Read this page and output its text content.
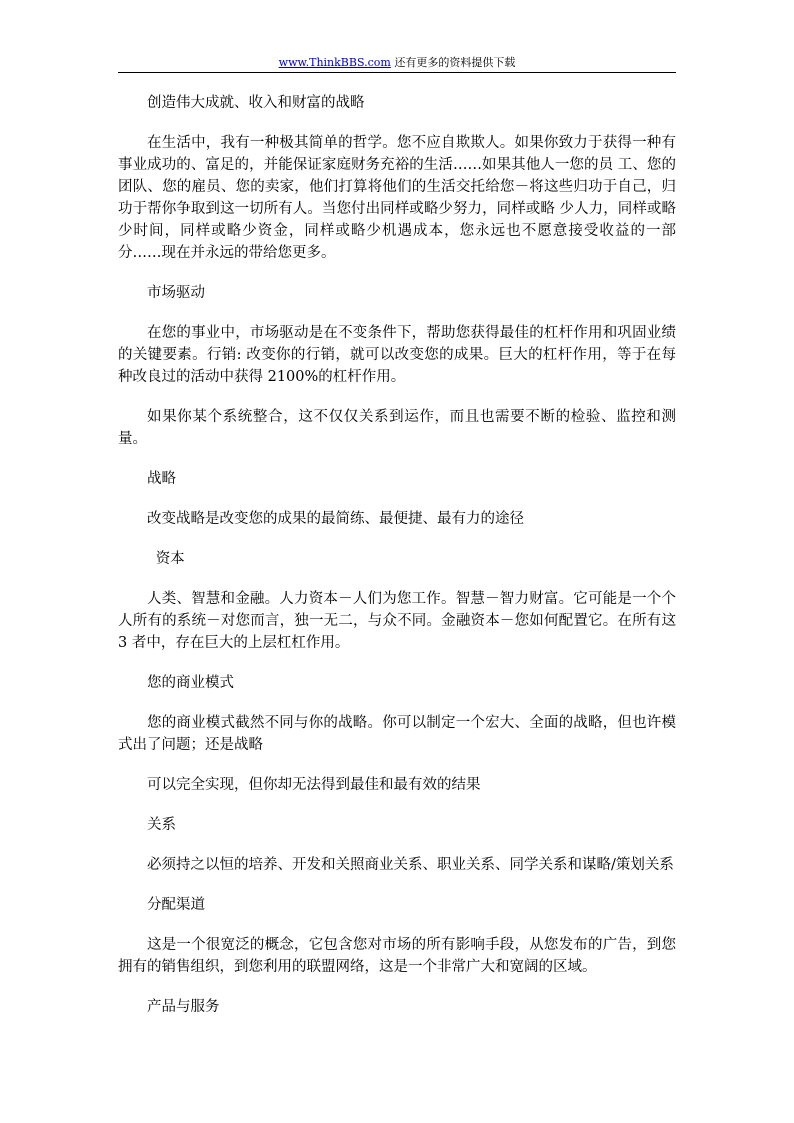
www.ThinkBBS.com 还有更多的资料提供下载
创造伟大成就、收入和财富的战略
在生活中，我有一种极其简单的哲学。您不应自欺欺人。如果你致力于获得一种有事业成功的、富足的，并能保证家庭财务充裕的生活……如果其他人一您的员 工、您的团队、您的雇员、您的卖家，他们打算将他们的生活交托给您－将这些归功于自己，归功于帮你争取到这一切所有人。当您付出同样或略少努力，同样或略 少人力，同样或略少时间，同样或略少资金，同样或略少机遇成本，您永远也不愿意接受收益的一部分……现在并永远的带给您更多。
市场驱动
在您的事业中，市场驱动是在不变条件下，帮助您获得最佳的杠杆作用和巩固业绩的关键要素。行销: 改变你的行销，就可以改变您的成果。巨大的杠杆作用，等于在每种改良过的活动中获得 2100%的杠杆作用。
如果你某个系统整合，这不仅仅关系到运作，而且也需要不断的检验、监控和测量。
战略
改变战略是改变您的成果的最简练、最便捷、最有力的途径
资本
人类、智慧和金融。人力资本－人们为您工作。智慧－智力财富。它可能是一个个人所有的系统－对您而言，独一无二，与众不同。金融资本－您如何配置它。在所有这 3 者中，存在巨大的上层杠杠作用。
您的商业模式
您的商业模式截然不同与你的战略。你可以制定一个宏大、全面的战略，但也许模式出了问题；还是战略
可以完全实现，但你却无法得到最佳和最有效的结果
关系
必须持之以恒的培养、开发和关照商业关系、职业关系、同学关系和谋略/策划关系
分配渠道
这是一个很宽泛的概念，它包含您对市场的所有影响手段，从您发布的广告，到您拥有的销售组织，到您利用的联盟网络，这是一个非常广大和宽阔的区域。
产品与服务
